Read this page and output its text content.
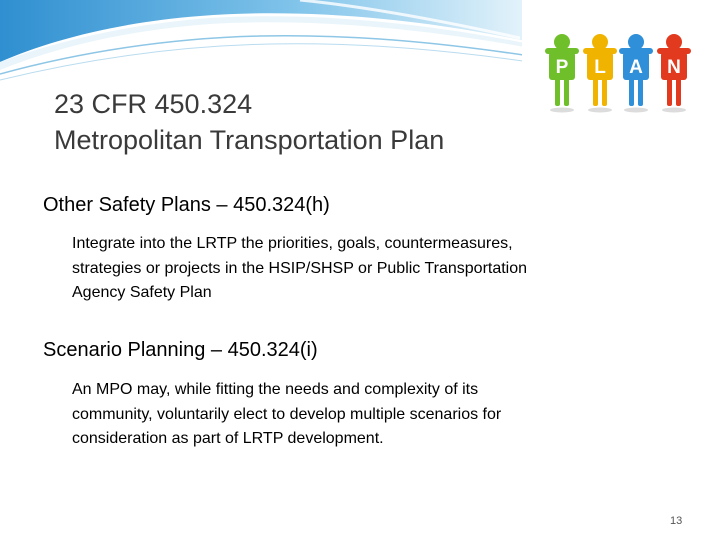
P L A N
23 CFR 450.324
Metropolitan Transportation Plan
Other Safety Plans – 450.324(h)
Integrate into the LRTP the priorities, goals, countermeasures,
strategies or projects in the HSIP/SHSP or Public Transportation
Agency Safety Plan
Scenario Planning – 450.324(i)
An MPO may, while fitting the needs and complexity of its
community, voluntarily elect to develop multiple scenarios for
consideration as part of LRTP development.
13
